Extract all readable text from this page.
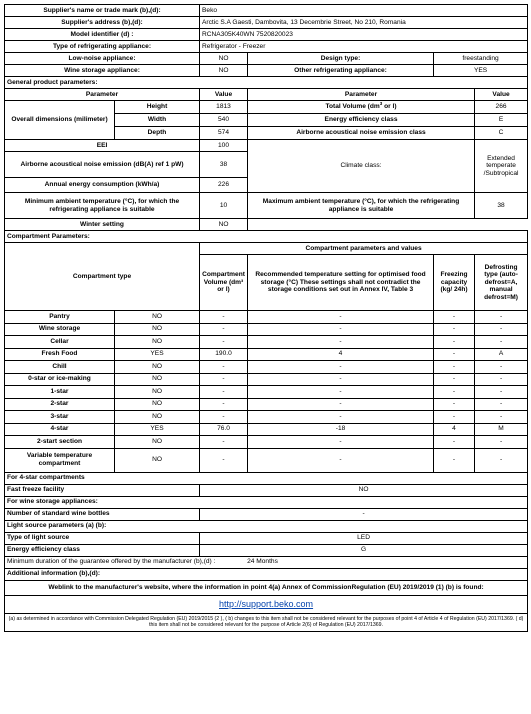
Supplier's name or trade mark (b),(d):		Beko			
Supplier's address (b),(d):		Arctic S.A Gaesti, Dambovita, 13 Decembrie Street, No 210, Romania			
Model identifier (d) :		RCNA305K40WN 7520820023			
Type of refrigerating appliance:		Refrigerator - Freezer			
Low-noise appliance:		NO	Design type:	freestanding	
Wine storage appliance:		NO	Other refrigerating appliance:	YES	
General product parameters:					
Parameter		Value	Parameter		Value
Overall dimensions (milimeter)	Height	1813	Total Volume ($dm^3$ or l)		266
	Width	540	Energy efficiency class		E
	Depth	574	Airborne acoustical noise emission class		C
EEI		100	Climate class:		Extended temperate /Subtropical
Airborne acoustical noise emission (dB(A) ref 1 pW)		38			
Annual energy consumption (kWh/a)		226			
Minimum ambient temperature (°C), for which the refrigerating appliance is suitable		10	Maximum ambient temperature (°C), for which the refrigerating appliance is suitable		38
Winter setting		NO			
Compartment Parameters:					
Compartment type		Compartment parameters and values			
		Compartment Volume (dm³ or l)	Recommended temperature setting for optimised food storage (°C) These settings shall not contradict the storage conditions set out in Annex IV, Table 3	Freezing capacity (kg/ 24h)	Defrosting type (auto-defrost=A, manual defrost=M)
Pantry	NO	-	-	-	-
Wine storage	NO	-	-	-	-
Cellar	NO	-	-	-	-
Fresh Food	YES	190.0	4	-	A
Chill	NO	-	-	-	-
0-star or ice-making	NO	-	-	-	-
1-star	NO	-	-	-	-
2-star	NO	-	-	-	-
3-star	NO	-	-	-	-
4-star	YES	76.0	-18	4	M
2-start section	NO	-	-	-	-
Variable temperature compartment	NO	-	-	-	-
For 4-star compartments					
Fast freeze facility		NO			
For wine storage appliances:					
Number of standard wine bottles		-			
Light source parameters (a) (b):					
Type of light source		LED			
Energy efficiency class		G			
Minimum duration of the guarantee offered by the manufacturer (b),(d) : 24 Months					
Additional information (b),(d):					
Weblink to the manufacturer's website, where the information in point 4(a) Annex of CommissionRegulation (EU) 2019/2019 (1) (b) is found:					
http://support.beko.com					
(a) as determined in accordance with Commission Delegated Regulation (EU) 2019/2015 (2 ), ( b) changes to this item shall not be considered relevant for the purposes of point 4 of Article 4 of Regulation (EU) 2017/1369. ( d) this item shall not be considered relevant for the purpose of Article 2(6) of Regulation (EU) 2017/1369.					
